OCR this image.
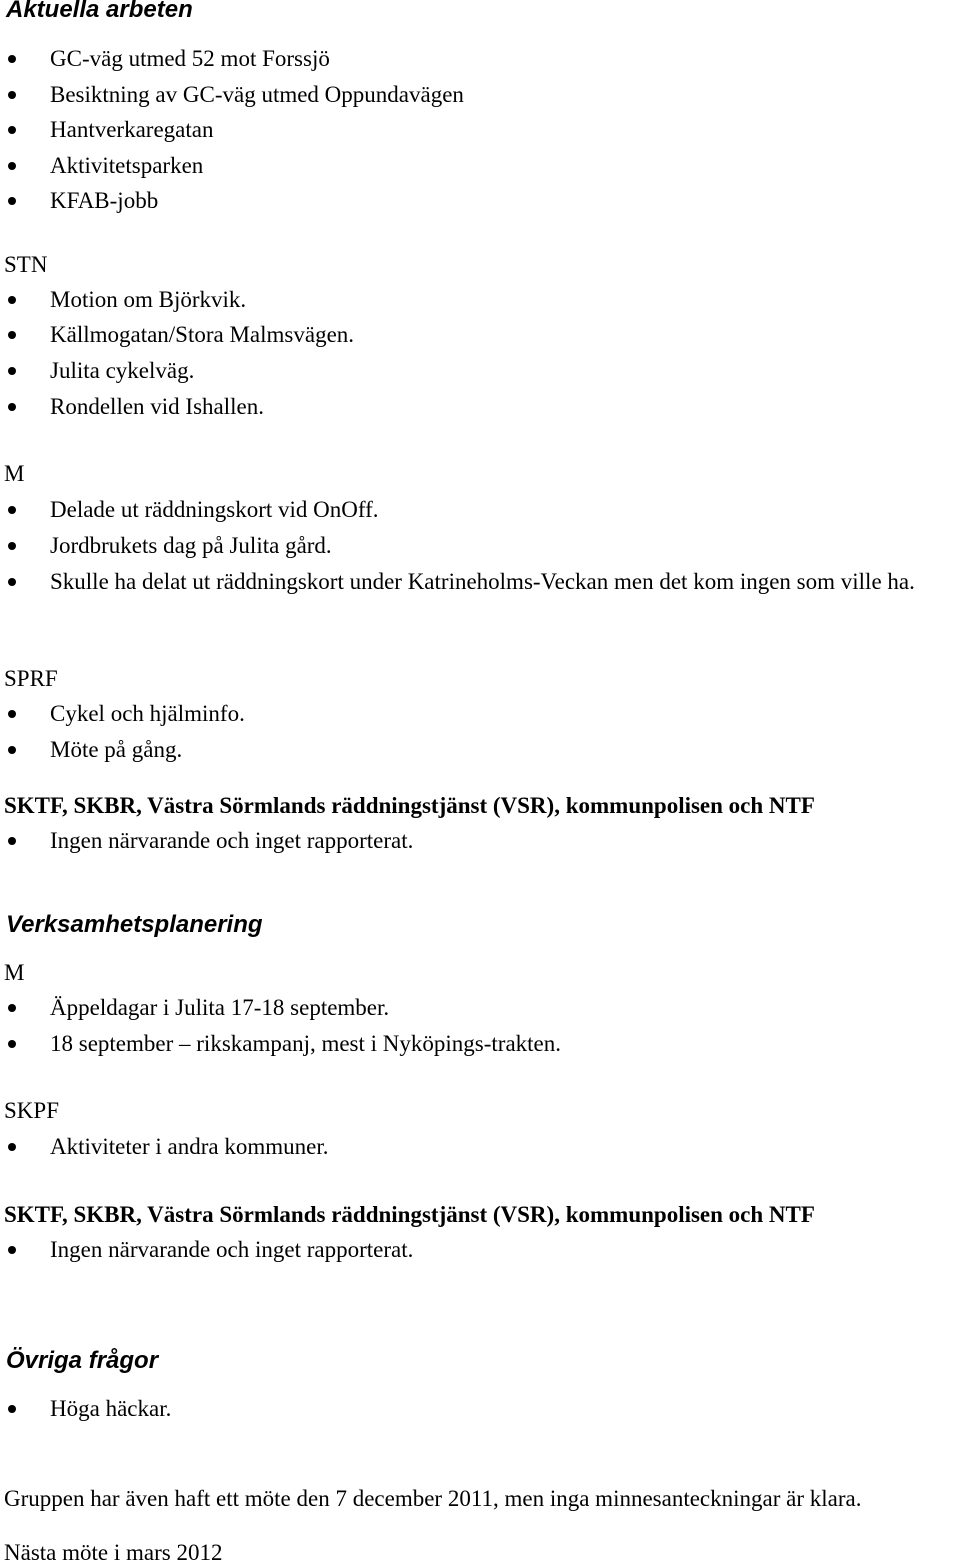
Aktuella arbeten
GC-väg utmed 52 mot Forssjö
Besiktning av GC-väg utmed Oppundavägen
Hantverkaregatan
Aktivitetsparken
KFAB-jobb
STN
Motion om Björkvik.
Källmogatan/Stora Malmsvägen.
Julita cykelväg.
Rondellen vid Ishallen.
M
Delade ut räddningskort vid OnOff.
Jordbrukets dag på Julita gård.
Skulle ha delat ut räddningskort under Katrineholms-Veckan men det kom ingen som ville ha.
SPRF
Cykel och hjälminfo.
Möte på gång.
SKTF, SKBR, Västra Sörmlands räddningstjänst (VSR), kommunpolisen och NTF
Ingen närvarande och inget rapporterat.
Verksamhetsplanering
M
Äppeldagar i Julita 17-18 september.
18 september – rikskampanj, mest i Nyköpings-trakten.
SKPF
Aktiviteter i andra kommuner.
SKTF, SKBR, Västra Sörmlands räddningstjänst (VSR), kommunpolisen och NTF
Ingen närvarande och inget rapporterat.
Övriga frågor
Höga häckar.
Gruppen har även haft ett möte den 7 december 2011, men inga minnesanteckningar är klara.
Nästa möte i mars 2012
